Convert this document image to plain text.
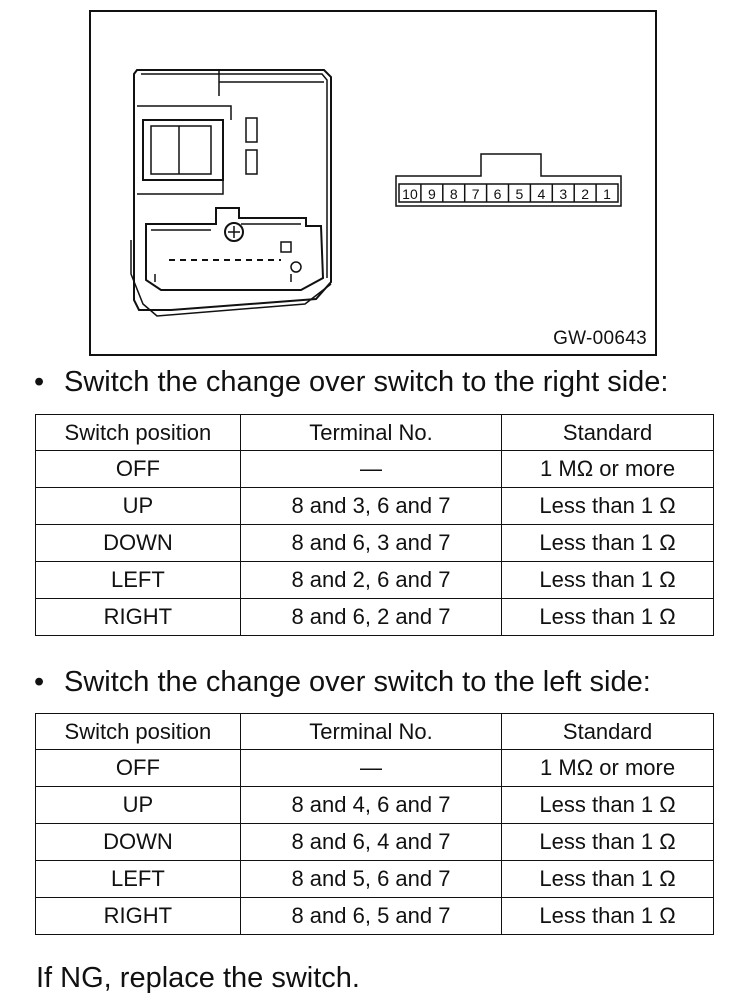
10 9 8 7 6 5 4 3 2 1
GW-00643
• Switch the change over switch to the right side:
Switch position	Terminal No.	Standard
OFF	—	1 MΩ or more
UP	8 and 3, 6 and 7	Less than 1 Ω
DOWN	8 and 6, 3 and 7	Less than 1 Ω
LEFT	8 and 2, 6 and 7	Less than 1 Ω
RIGHT	8 and 6, 2 and 7	Less than 1 Ω
• Switch the change over switch to the left side:
Switch position	Terminal No.	Standard
OFF	—	1 MΩ or more
UP	8 and 4, 6 and 7	Less than 1 Ω
DOWN	8 and 6, 4 and 7	Less than 1 Ω
LEFT	8 and 5, 6 and 7	Less than 1 Ω
RIGHT	8 and 6, 5 and 7	Less than 1 Ω
If NG, replace the switch.
